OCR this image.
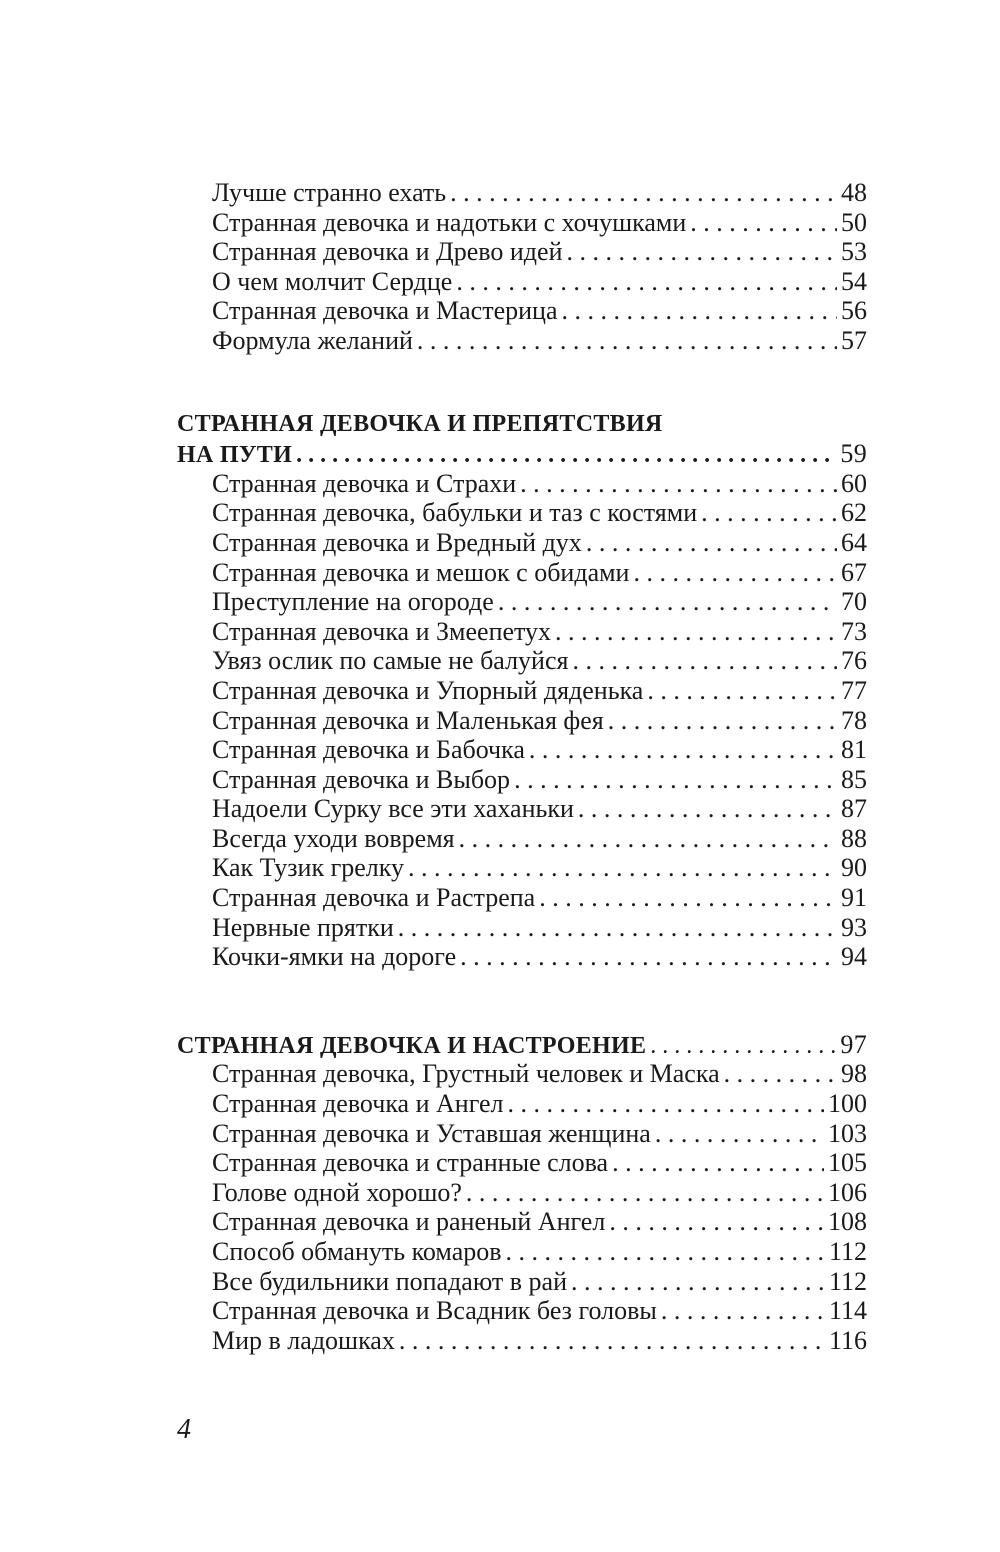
Лучше странно ехать . . .	48
Странная девочка и надотьки с хочушками . . .	50
Странная девочка и Древо идей . . .	53
О чем молчит Сердце . . .	54
Странная девочка и Мастерица . . .	56
Формула желаний . . .	57
СТРАННАЯ ДЕВОЧКА И ПРЕПЯТСТВИЯ
НА ПУТИ . . .	59
Странная девочка и Страхи . . .	60
Странная девочка, бабульки и таз с костями . . .	62
Странная девочка и Вредный дух . . .	64
Странная девочка и мешок с обидами . . .	67
Преступление на огороде . . .	70
Странная девочка и Змеепетух . . .	73
Увяз ослик по самые не балуйся . . .	76
Странная девочка и Упорный дяденька . . .	77
Странная девочка и Маленькая фея . . .	78
Странная девочка и Бабочка . . .	81
Странная девочка и Выбор . . .	85
Надоели Сурку все эти хаханьки . . .	87
Всегда уходи вовремя . . .	88
Как Тузик грелку . . .	90
Странная девочка и Растрепа . . .	91
Нервные прятки . . .	93
Кочки-ямки на дороге . . .	94
СТРАННАЯ ДЕВОЧКА И НАСТРОЕНИЕ . . .	97
Странная девочка, Грустный человек и Маска . . .	98
Странная девочка и Ангел . . .	100
Странная девочка и Уставшая женщина . . .	103
Странная девочка и странные слова . . .	105
Голове одной хорошо? . . .	106
Странная девочка и раненый Ангел . . .	108
Способ обмануть комаров . . .	112
Все будильники попадают в рай . . .	112
Странная девочка и Всадник без головы . . .	114
Мир в ладошках . . .	116
4
